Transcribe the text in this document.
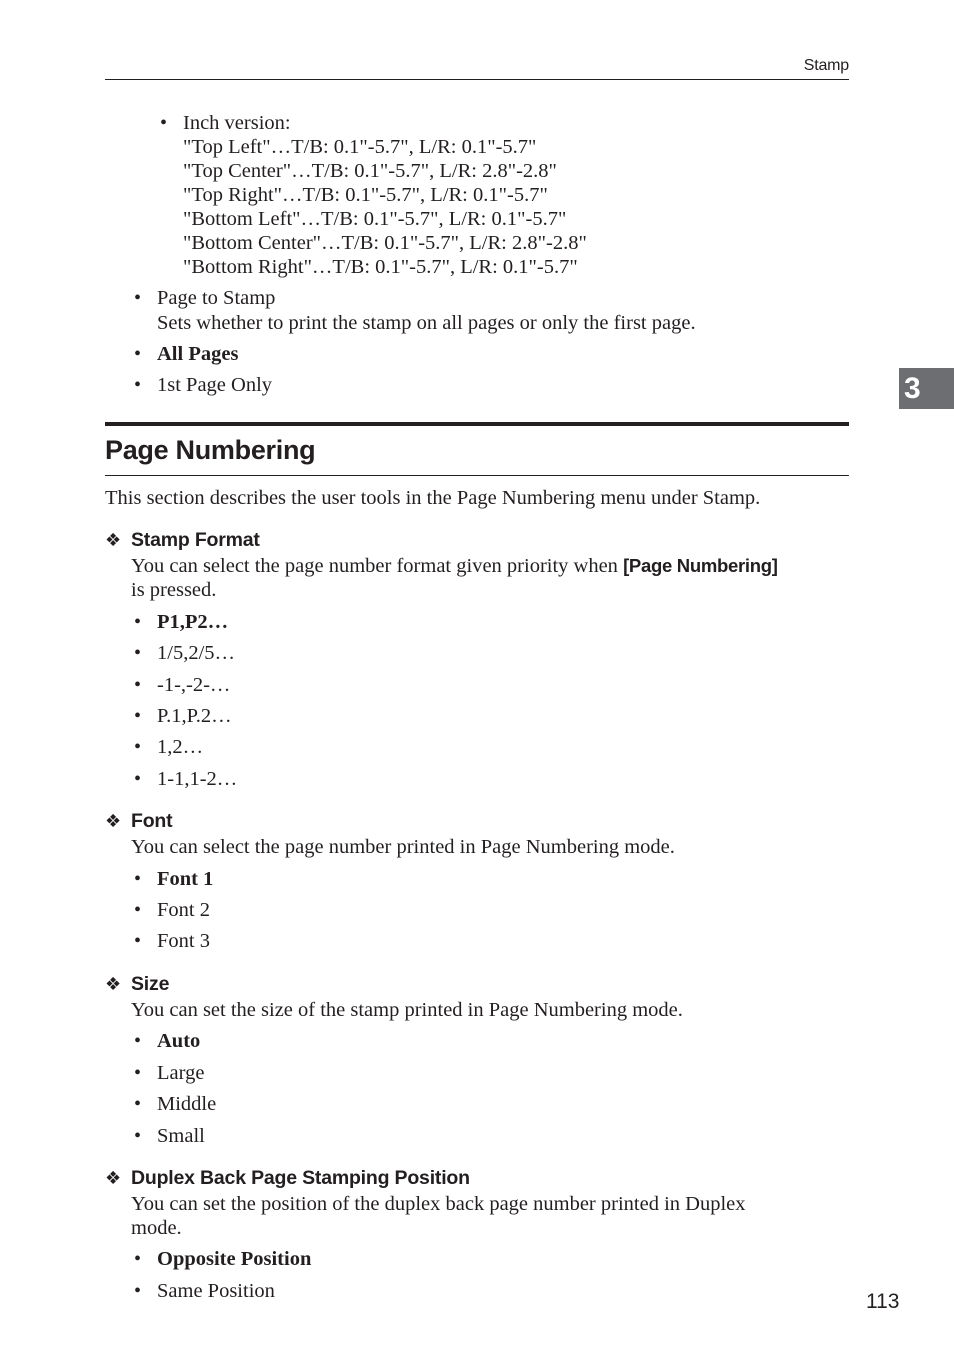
Stamp
• Inch version:
"Top Left"…T/B: 0.1"-5.7", L/R: 0.1"-5.7"
"Top Center"…T/B: 0.1"-5.7", L/R: 2.8"-2.8"
"Top Right"…T/B: 0.1"-5.7", L/R: 0.1"-5.7"
"Bottom Left"…T/B: 0.1"-5.7", L/R: 0.1"-5.7"
"Bottom Center"…T/B: 0.1"-5.7", L/R: 2.8"-2.8"
"Bottom Right"…T/B: 0.1"-5.7", L/R: 0.1"-5.7"
• Page to Stamp
Sets whether to print the stamp on all pages or only the first page.
• All Pages
• 1st Page Only	3
Page Numbering
This section describes the user tools in the Page Numbering menu under Stamp.
❖ Stamp Format
You can select the page number format given priority when [Page Numbering]
is pressed.
• P1,P2…
• 1/5,2/5…
• -1-,-2-…
• P.1,P.2…
• 1,2…
• 1-1,1-2…
❖ Font
You can select the page number printed in Page Numbering mode.
• Font 1
• Font 2
• Font 3
❖ Size
You can set the size of the stamp printed in Page Numbering mode.
• Auto
• Large
• Middle
• Small
❖ Duplex Back Page Stamping Position
You can set the position of the duplex back page number printed in Duplex
mode.
• Opposite Position
• Same Position	113
